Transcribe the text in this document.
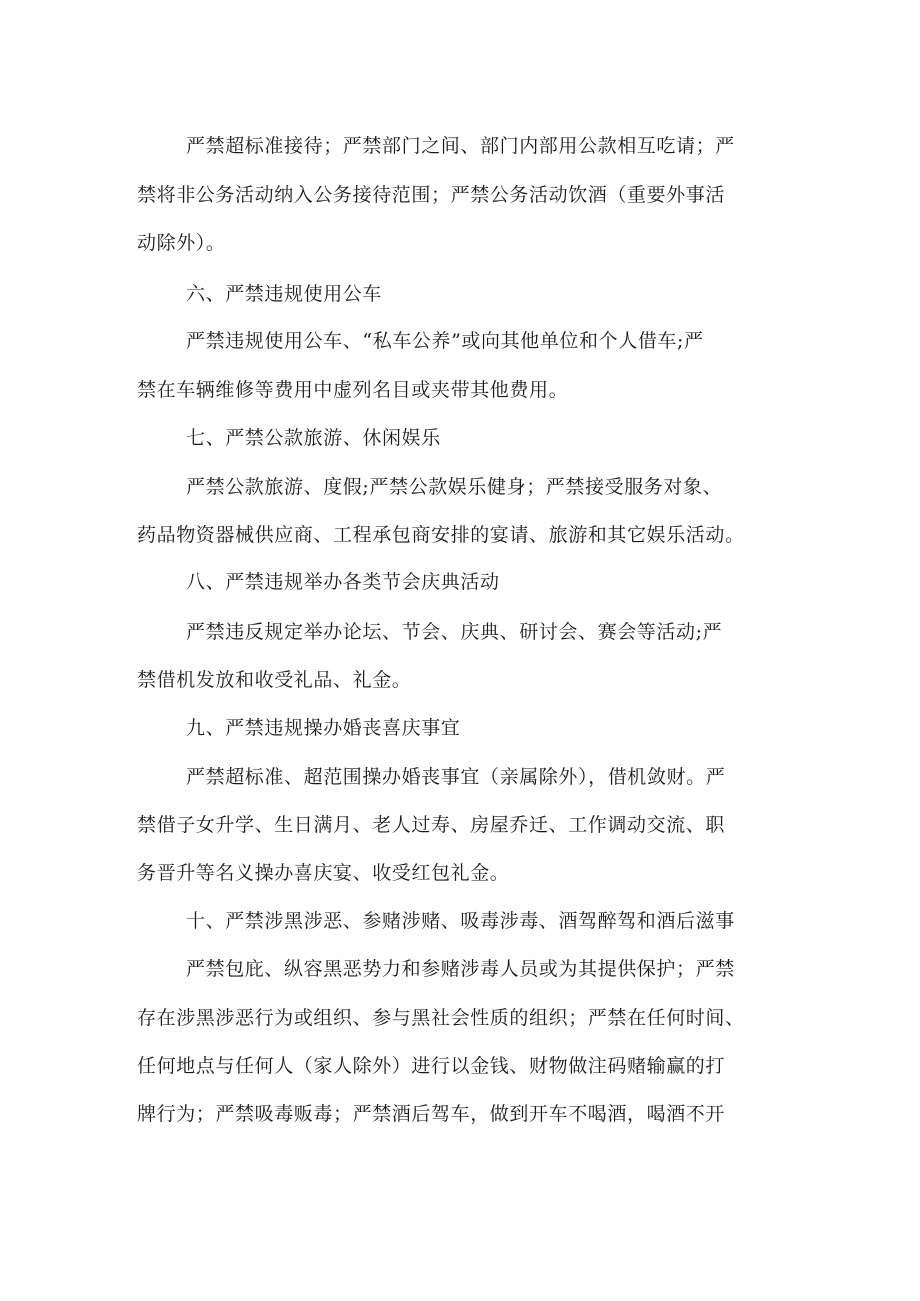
严禁超标准接待；严禁部门之间、部门内部用公款相互吃请；严
禁将非公务活动纳入公务接待范围；严禁公务活动饮酒（重要外事活
动除外）。
六、严禁违规使用公车
严禁违规使用公车、“私车公养”或向其他单位和个人借车;严
禁在车辆维修等费用中虚列名目或夹带其他费用。
七、严禁公款旅游、休闲娱乐
严禁公款旅游、度假;严禁公款娱乐健身；严禁接受服务对象、
药品物资器械供应商、工程承包商安排的宴请、旅游和其它娱乐活动。
八、严禁违规举办各类节会庆典活动
严禁违反规定举办论坛、节会、庆典、研讨会、赛会等活动;严
禁借机发放和收受礼品、礼金。
九、严禁违规操办婚丧喜庆事宜
严禁超标准、超范围操办婚丧事宜（亲属除外），借机敛财。严
禁借子女升学、生日满月、老人过寿、房屋乔迁、工作调动交流、职
务晋升等名义操办喜庆宴、收受红包礼金。
十、严禁涉黑涉恶、参赌涉赌、吸毒涉毒、酒驾醉驾和酒后滋事
严禁包庇、纵容黑恶势力和参赌涉毒人员或为其提供保护；严禁
存在涉黑涉恶行为或组织、参与黑社会性质的组织；严禁在任何时间、
任何地点与任何人（家人除外）进行以金钱、财物做注码赌输赢的打
牌行为；严禁吸毒贩毒；严禁酒后驾车，做到开车不喝酒，喝酒不开
